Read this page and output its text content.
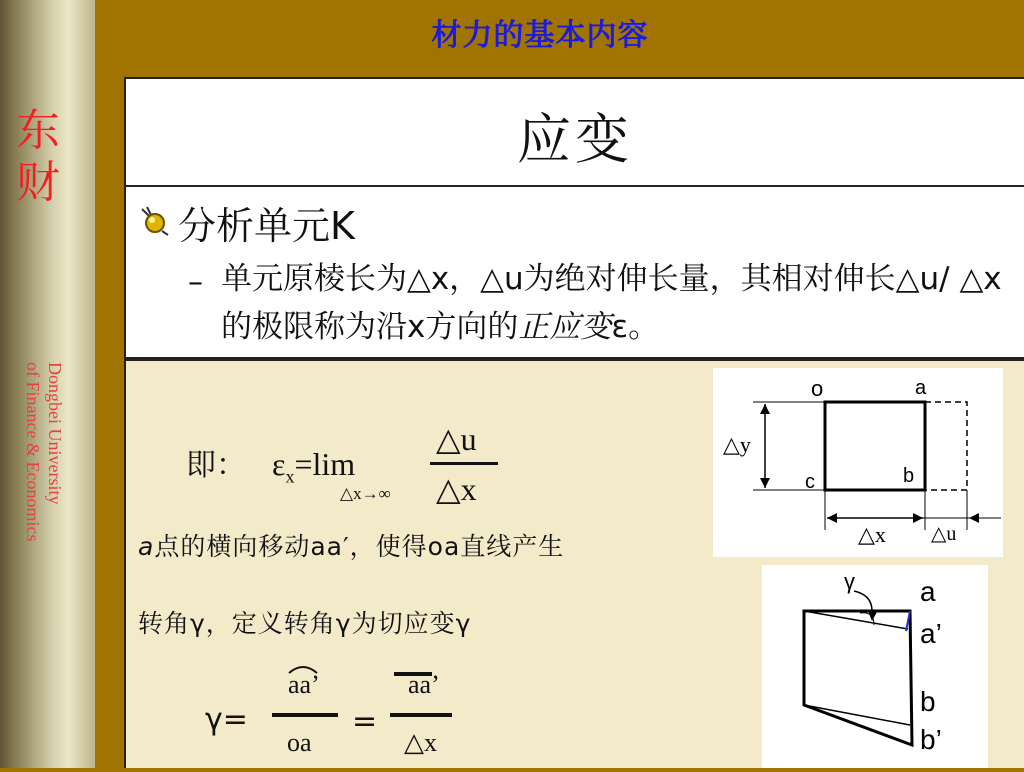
东
财
Dongbei University
of Finance & Economics
材力的基本内容
应变
分析单元K
– 单元原棱长为△x，△u为绝对伸长量，其相对伸长△u/ △x的极限称为沿x方向的正应变ε。
即： $\varepsilon_x=\lim$
△x→∞
△u
△x
a点的横向移动aa′，使得oa直线产生
转角γ，定义转角γ为切应变γ
γ=
aa’
oa
=
aa’
△x
o	a
b
c
△y
△x △u
γ a
a’
b
b’
